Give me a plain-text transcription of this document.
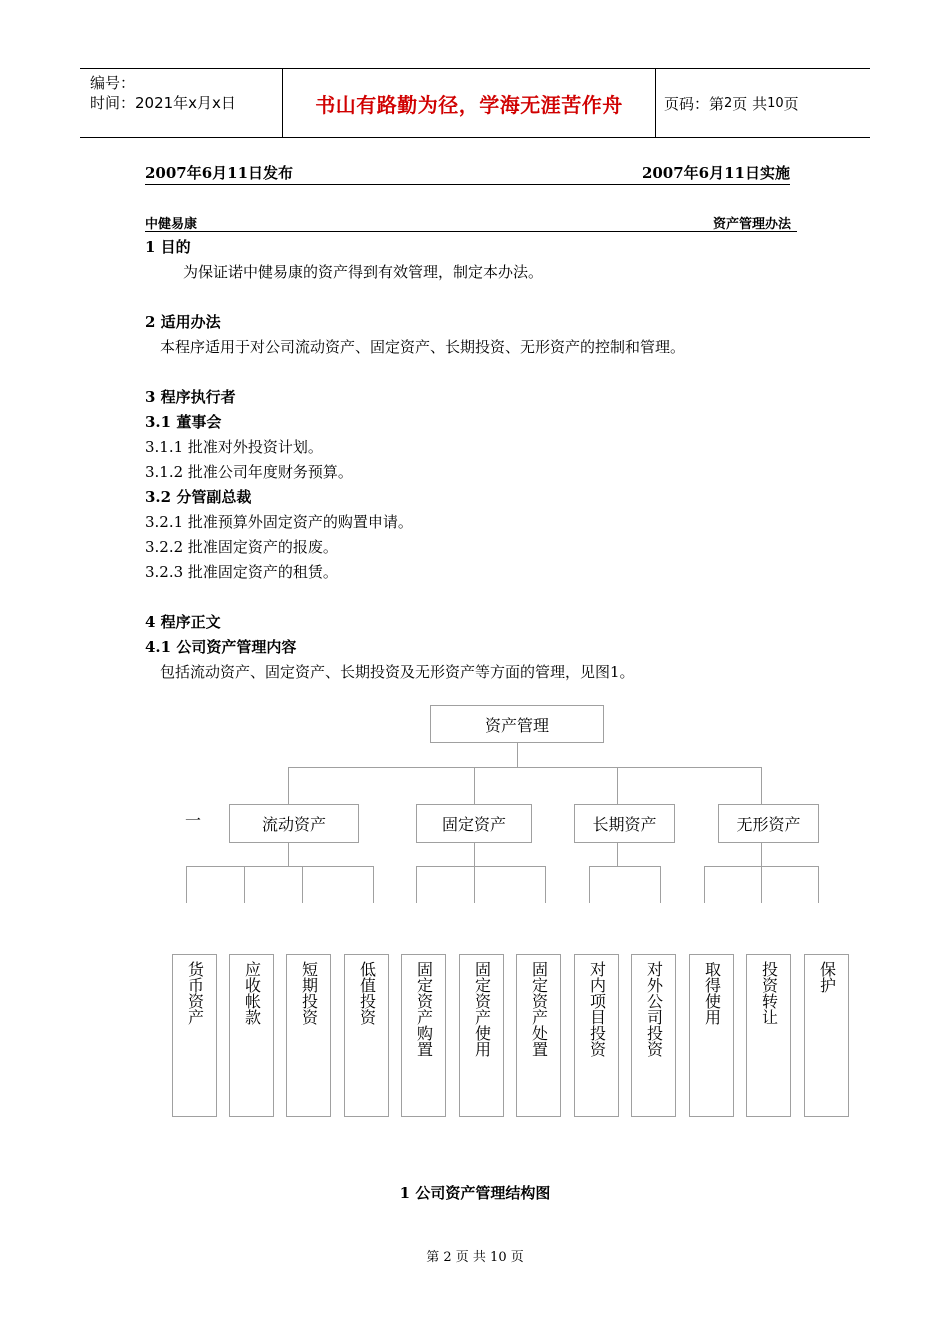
编号：
时间：2021年x月x日	书山有路勤为径，学海无涯苦作舟	页码：第 2 页 共 10 页
2007年6月11日发布	2007年6月11日实施
中健易康	资产管理办法
1 目的
为保证诺中健易康的资产得到有效管理，制定本办法。
2 适用办法
本程序适用于对公司流动资产、固定资产、长期投资、无形资产的控制和管理。
3 程序执行者
3.1 董事会
3.1.1 批准对外投资计划。
3.1.2 批准公司年度财务预算。
3.2 分管副总裁
3.2.1 批准预算外固定资产的购置申请。
3.2.2 批准固定资产的报废。
3.2.3 批准固定资产的租赁。
4 程序正文
4.1 公司资产管理内容
包括流动资产、固定资产、长期投资及无形资产等方面的管理，见图1。
资产管理
一	流动资产	固定资产	长期资产	无形资产
货币资产 应收帐款 短期投资 低值投资 固定资产购置 固定资产使用 固定资产处置 对内项目投资 对外公司投资 取得使用 投资转让 保护
1 公司资产管理结构图
第 2 页 共 10 页
